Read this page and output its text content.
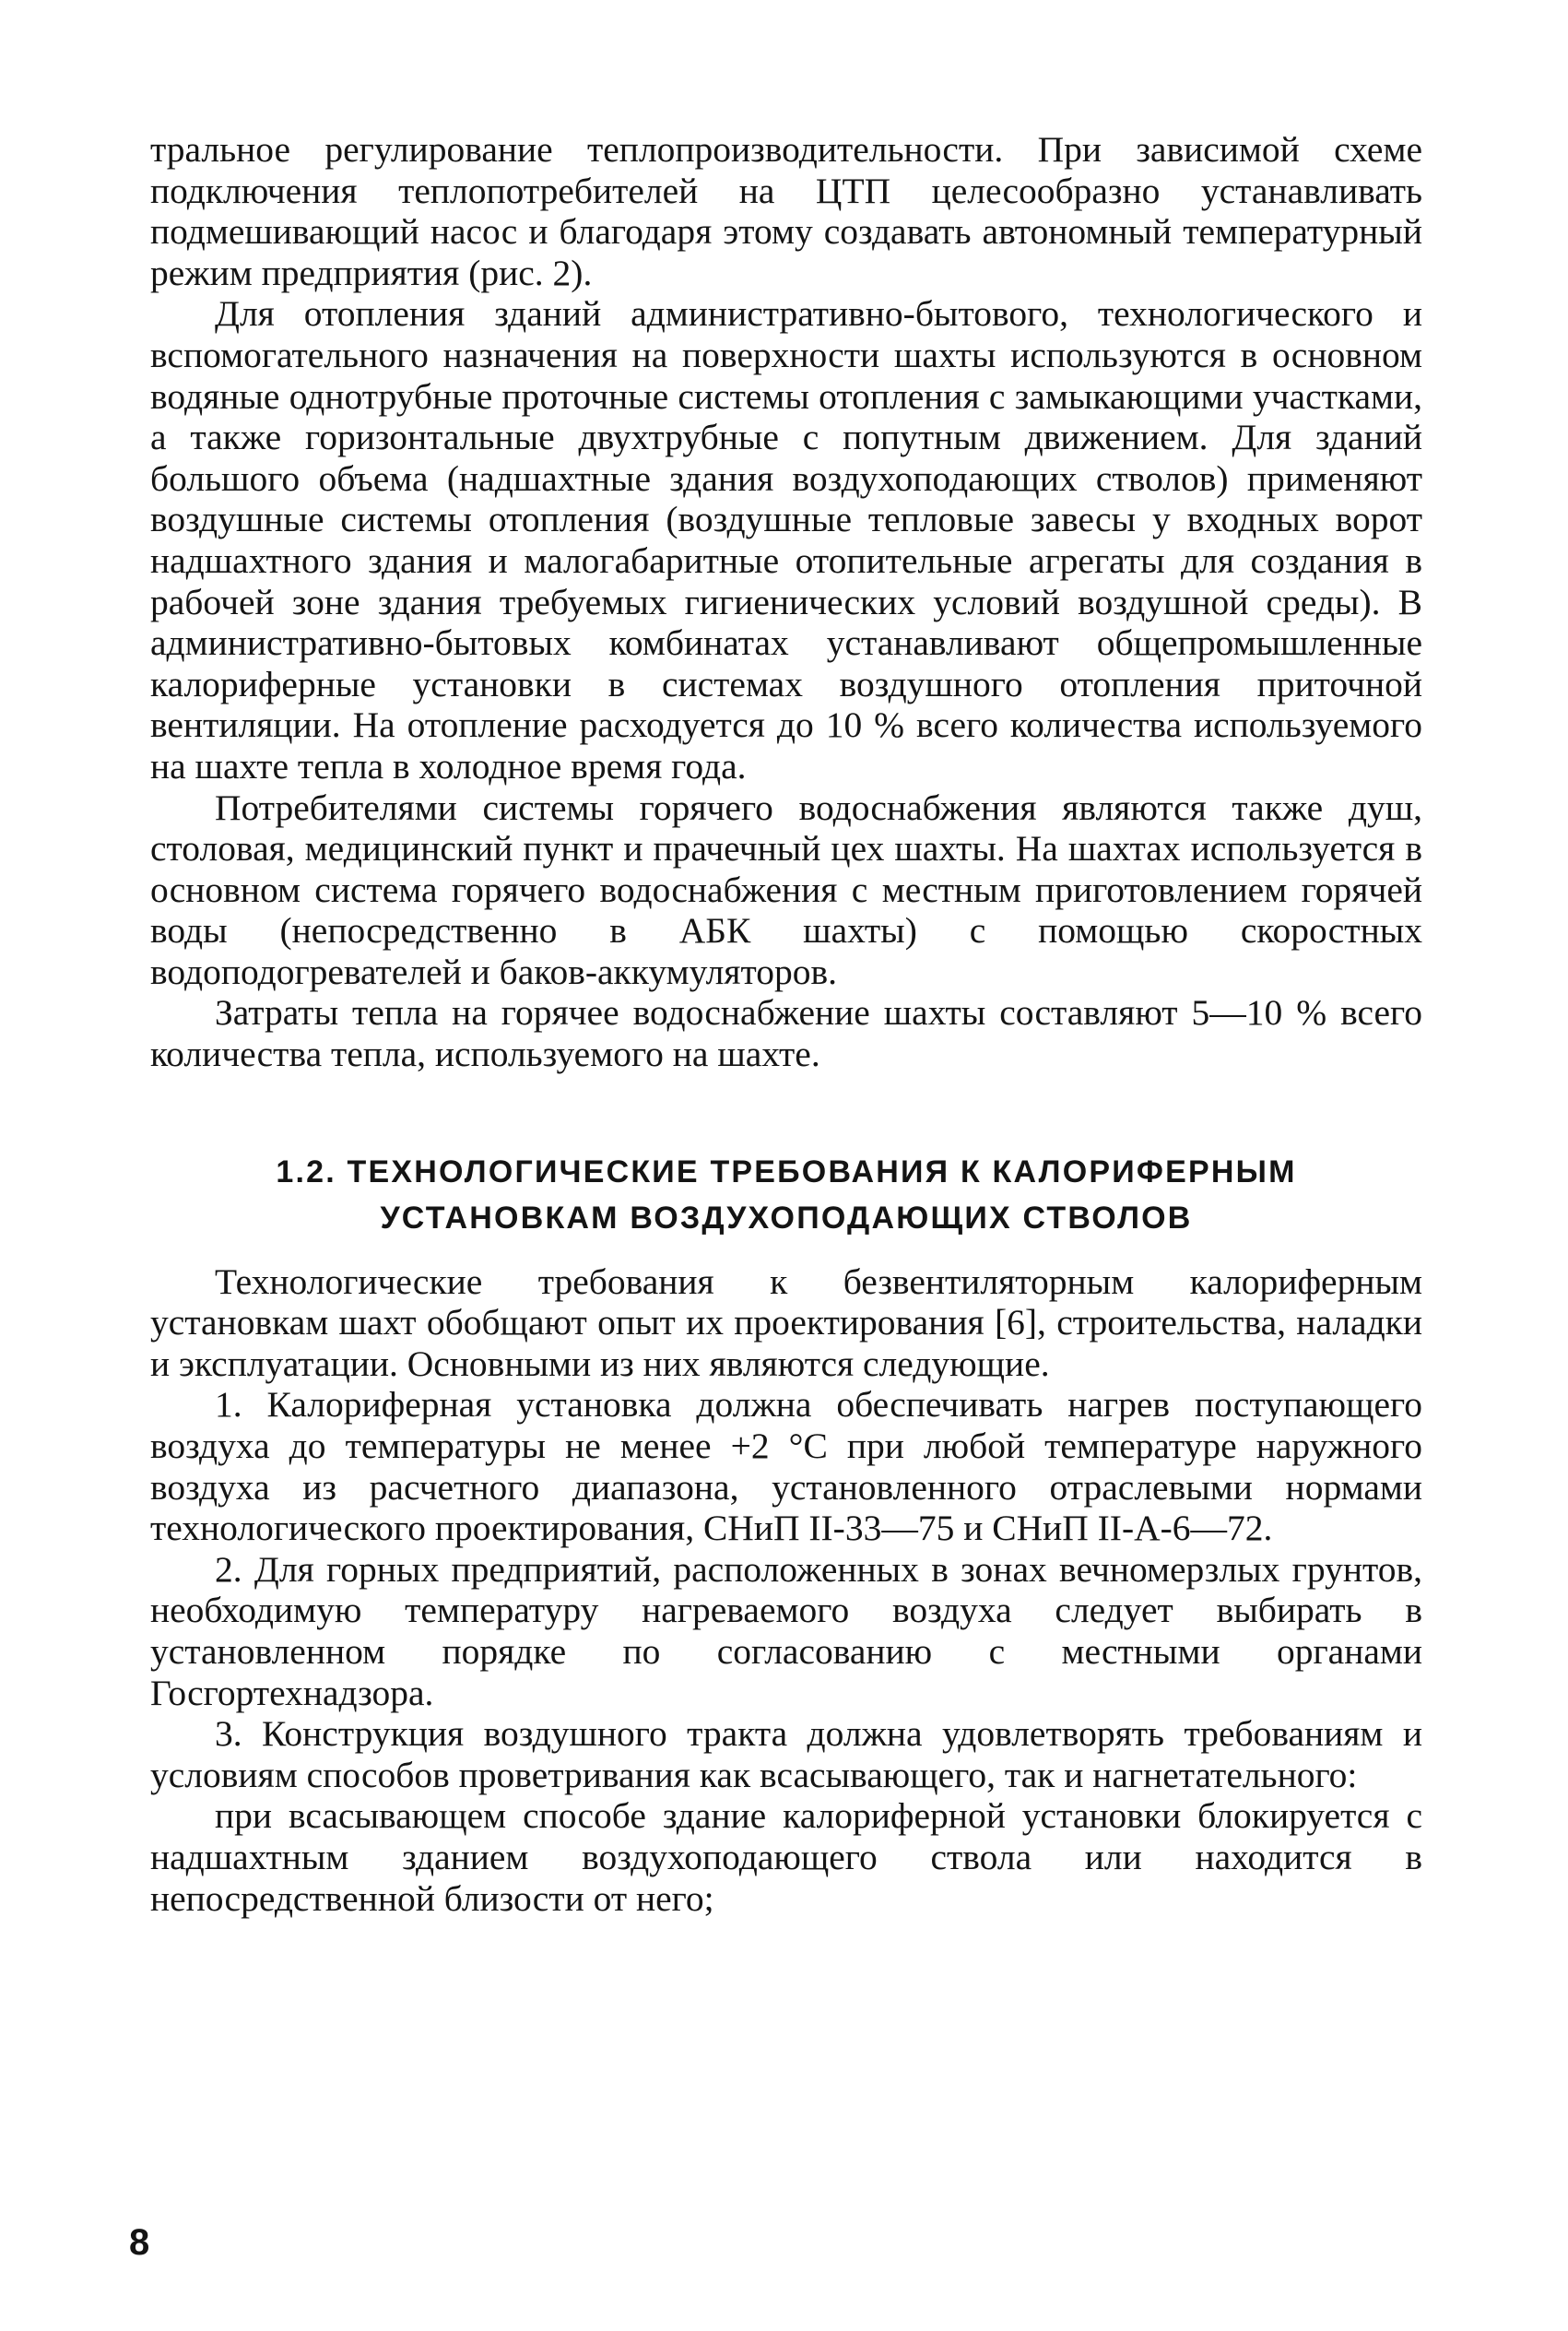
тральное регулирование теплопроизводительности. При зависимой схеме подключения теплопотребителей на ЦТП целесообразно устанавливать подмешивающий насос и благодаря этому создавать автономный температурный режим предприятия (рис. 2).

Для отопления зданий административно-бытового, технологического и вспомогательного назначения на поверхности шахты используются в основном водяные однотрубные проточные системы отопления с замыкающими участками, а также горизонтальные двухтрубные с попутным движением. Для зданий большого объема (надшахтные здания воздухоподающих стволов) применяют воздушные системы отопления (воздушные тепловые завесы у входных ворот надшахтного здания и малогабаритные отопительные агрегаты для создания в рабочей зоне здания требуемых гигиенических условий воздушной среды). В административно-бытовых комбинатах устанавливают общепромышленные калориферные установки в системах воздушного отопления приточной вентиляции. На отопление расходуется до 10 % всего количества используемого на шахте тепла в холодное время года.

Потребителями системы горячего водоснабжения являются также душ, столовая, медицинский пункт и прачечный цех шахты. На шахтах используется в основном система горячего водоснабжения с местным приготовлением горячей воды (непосредственно в АБК шахты) с помощью скоростных водоподогревателей и баков-аккумуляторов.

Затраты тепла на горячее водоснабжение шахты составляют 5—10 % всего количества тепла, используемого на шахте.

1.2. ТЕХНОЛОГИЧЕСКИЕ ТРЕБОВАНИЯ К КАЛОРИФЕРНЫМ
УСТАНОВКАМ ВОЗДУХОПОДАЮЩИХ СТВОЛОВ

Технологические требования к безвентиляторным калориферным установкам шахт обобщают опыт их проектирования [6], строительства, наладки и эксплуатации. Основными из них являются следующие.

1. Калориферная установка должна обеспечивать нагрев поступающего воздуха до температуры не менее +2 °С при любой температуре наружного воздуха из расчетного диапазона, установленного отраслевыми нормами технологического проектирования, СНиП II-33—75 и СНиП II-А-6—72.

2. Для горных предприятий, расположенных в зонах вечномерзлых грунтов, необходимую температуру нагреваемого воздуха следует выбирать в установленном порядке по согласованию с местными органами Госгортехнадзора.

3. Конструкция воздушного тракта должна удовлетворять требованиям и условиям способов проветривания как всасывающего, так и нагнетательного:

при всасывающем способе здание калориферной установки блокируется с надшахтным зданием воздухоподающего ствола или находится в непосредственной близости от него;

8
